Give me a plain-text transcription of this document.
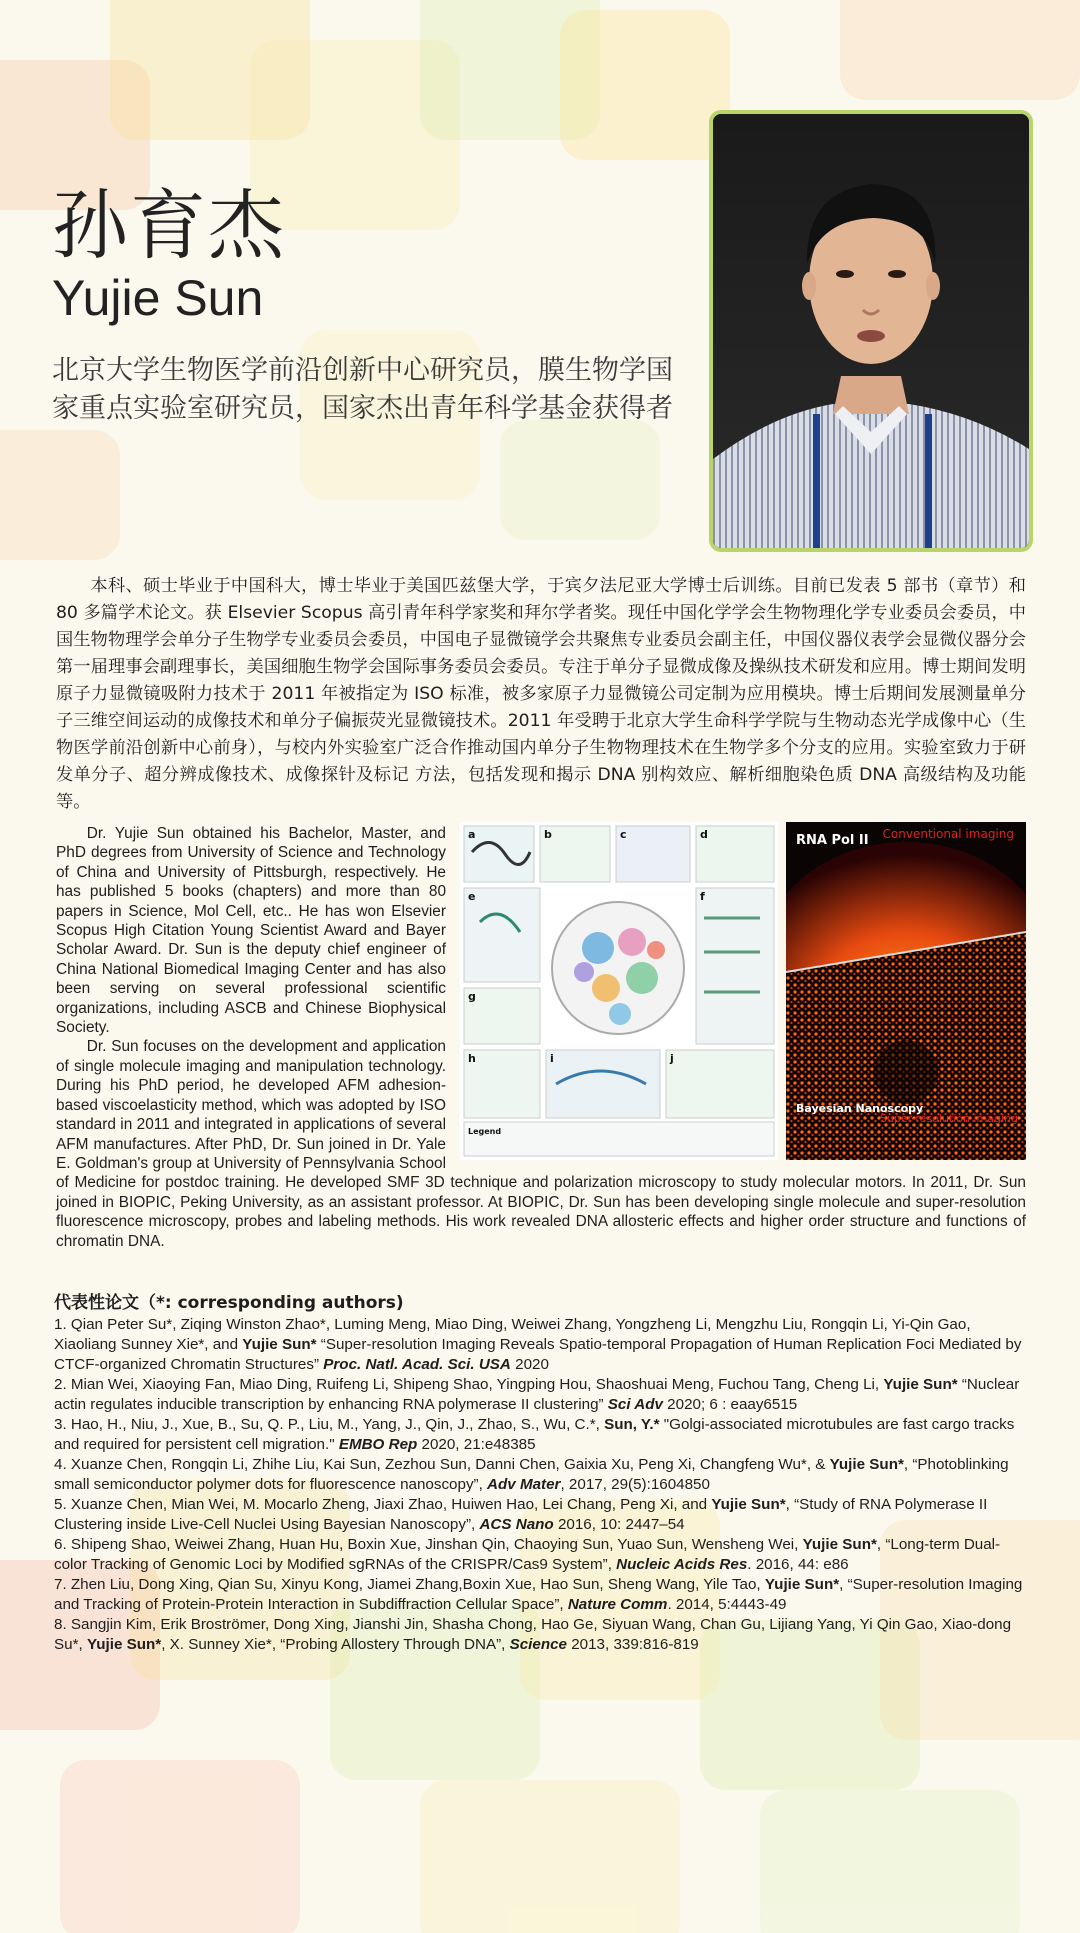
孙育杰
Yujie Sun
北京大学生物医学前沿创新中心研究员，膜生物学国家重点实验室研究员，国家杰出青年科学基金获得者

本科、硕士毕业于中国科大，博士毕业于美国匹兹堡大学，于宾夕法尼亚大学博士后训练。目前已发表 5 部书（章节）和 80 多篇学术论文。获 Elsevier Scopus 高引青年科学家奖和拜尔学者奖。现任中国化学学会生物物理化学专业委员会委员，中国生物物理学会单分子生物学专业委员会委员，中国电子显微镜学会共聚焦专业委员会副主任，中国仪器仪表学会显微仪器分会第一届理事会副理事长，美国细胞生物学会国际事务委员会委员。专注于单分子显微成像及操纵技术研发和应用。博士期间发明原子力显微镜吸附力技术于 2011 年被指定为 ISO 标准，被多家原子力显微镜公司定制为应用模块。博士后期间发展测量单分子三维空间运动的成像技术和单分子偏振荧光显微镜技术。2011 年受聘于北京大学生命科学学院与生物动态光学成像中心（生物医学前沿创新中心前身），与校内外实验室广泛合作推动国内单分子生物物理技术在生物学多个分支的应用。实验室致力于研发单分子、超分辨成像技术、成像探针及标记 方法，包括发现和揭示 DNA 别构效应、解析细胞染色质 DNA 高级结构及功能等。

Dr. Yujie Sun obtained his Bachelor, Master, and PhD degrees from University of Science and Technology of China and University of Pittsburgh, respectively. He has published 5 books (chapters) and more than 80 papers in Science, Mol Cell, etc.. He has won Elsevier Scopus High Citation Young Scientist Award and Bayer Scholar Award. Dr. Sun is the deputy chief engineer of China National Biomedical Imaging Center and has also been serving on several professional scientific organizations, including ASCB and Chinese Biophysical Society.

Dr. Sun focuses on the development and application of single molecule imaging and manipulation technology. During his PhD period, he developed AFM adhesion-based viscoelasticity method, which was adopted by ISO standard in 2011 and integrated in applications of several AFM manufactures. After PhD, Dr. Sun joined in Dr. Yale E. Goldman's group at University of Pennsylvania School of Medicine for postdoc training. He developed SMF 3D technique and polarization microscopy to study molecular motors. In 2011, Dr. Sun joined in BIOPIC, Peking University, as an assistant professor. At BIOPIC, Dr. Sun has been developing single molecule and super-resolution fluorescence microscopy, probes and labeling methods. His work revealed DNA allosteric effects and higher order structure and functions of chromatin DNA.

a	b	c	d
e	f
g
h	i	j
Legend
RNA Pol II Conventional imaging
Bayesian Nanoscopy
Super-resolution imaging

代表性论文（*: corresponding authors)

1. Qian Peter Su*, Ziqing Winston Zhao*, Luming Meng, Miao Ding, Weiwei Zhang, Yongzheng Li, Mengzhu Liu, Rongqin Li, Yi-Qin Gao, Xiaoliang Sunney Xie*, and Yujie Sun* “Super-resolution Imaging Reveals Spatio-temporal Propagation of Human Replication Foci Mediated by CTCF-organized Chromatin Structures” Proc. Natl. Acad. Sci. USA 2020

2. Mian Wei, Xiaoying Fan, Miao Ding, Ruifeng Li, Shipeng Shao, Yingping Hou, Shaoshuai Meng, Fuchou Tang, Cheng Li, Yujie Sun* “Nuclear actin regulates inducible transcription by enhancing RNA polymerase II clustering” Sci Adv 2020; 6 : eaay6515

3. Hao, H., Niu, J., Xue, B., Su, Q. P., Liu, M., Yang, J., Qin, J., Zhao, S., Wu, C.*, Sun, Y.* "Golgi-associated microtubules are fast cargo tracks and required for persistent cell migration." EMBO Rep 2020, 21:e48385

4. Xuanze Chen, Rongqin Li, Zhihe Liu, Kai Sun, Zezhou Sun, Danni Chen, Gaixia Xu, Peng Xi, Changfeng Wu*, & Yujie Sun*, “Photoblinking small semiconductor polymer dots for fluorescence nanoscopy”, Adv Mater, 2017, 29(5):1604850

5. Xuanze Chen, Mian Wei, M. Mocarlo Zheng, Jiaxi Zhao, Huiwen Hao, Lei Chang, Peng Xi, and Yujie Sun*, “Study of RNA Polymerase II Clustering inside Live-Cell Nuclei Using Bayesian Nanoscopy”, ACS Nano 2016, 10: 2447–54

6. Shipeng Shao, Weiwei Zhang, Huan Hu, Boxin Xue, Jinshan Qin, Chaoying Sun, Yuao Sun, Wensheng Wei, Yujie Sun*, “Long-term Dual-color Tracking of Genomic Loci by Modified sgRNAs of the CRISPR/Cas9 System”, Nucleic Acids Res. 2016, 44: e86

7. Zhen Liu, Dong Xing, Qian Su, Xinyu Kong, Jiamei Zhang,Boxin Xue, Hao Sun, Sheng Wang, Yile Tao, Yujie Sun*, “Super-resolution Imaging and Tracking of Protein-Protein Interaction in Subdiffraction Cellular Space”, Nature Comm. 2014, 5:4443-49

8. Sangjin Kim, Erik Broströmer, Dong Xing, Jianshi Jin, Shasha Chong, Hao Ge, Siyuan Wang, Chan Gu, Lijiang Yang, Yi Qin Gao, Xiao-dong Su*, Yujie Sun*, X. Sunney Xie*, “Probing Allostery Through DNA”, Science 2013, 339:816-819
